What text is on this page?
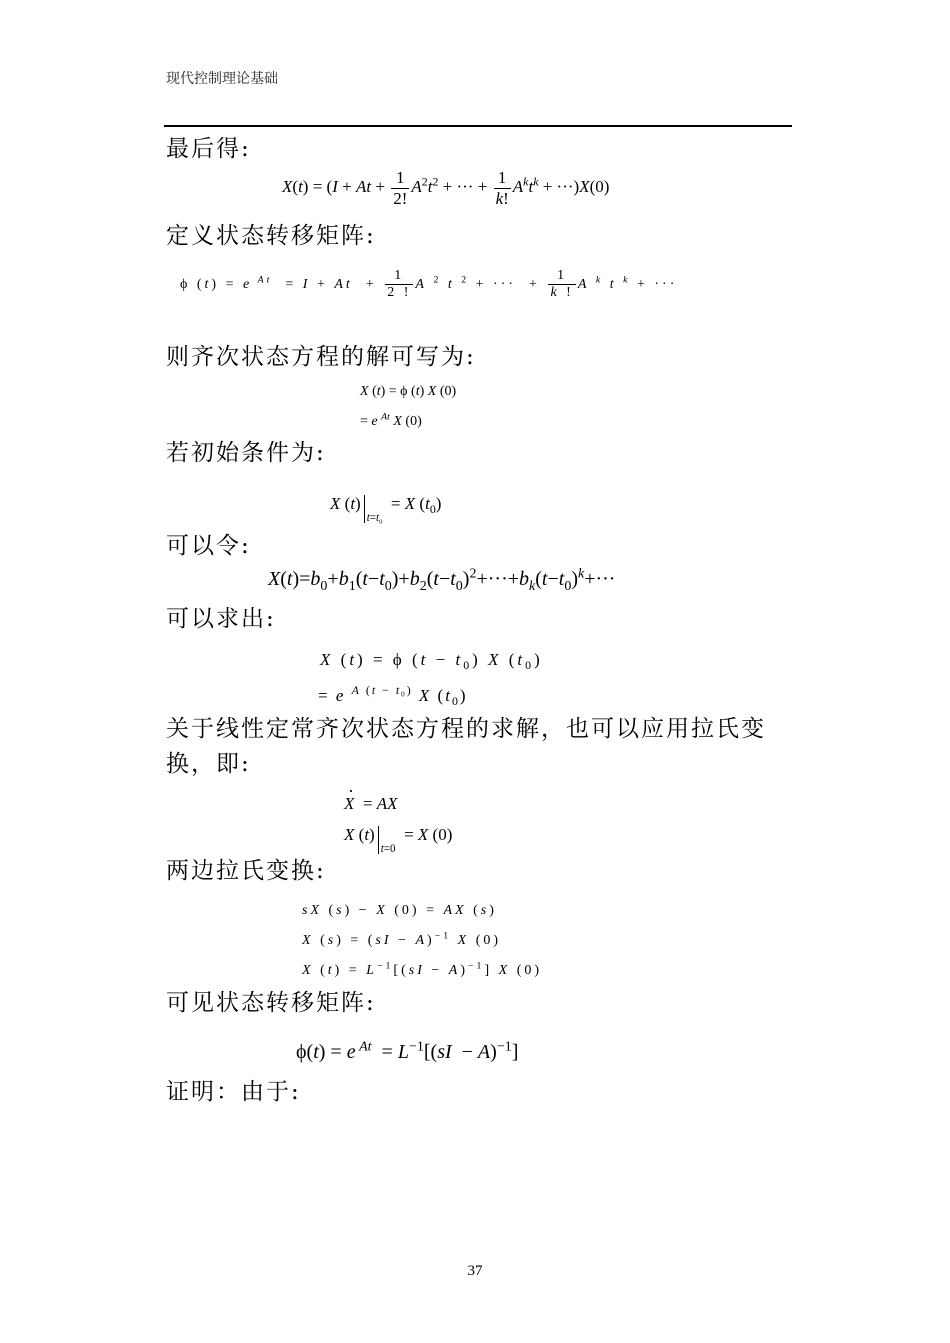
现代控制理论基础
最后得:
$X(t) = (I + At + \frac{1}{2!} A^2t^2$ + ··· + $\frac{1}{k!} A^kt^k + \cdot\cdot\cdot)X(0)$
定义状态转移矩阵:
ϕ (t) = e $^{At} = I + At + \frac{1}{2 !}$ A $^2$ t $^2$ + ···  + $\frac{1}{k !}$ A $^k$ t $^k$ + ···
则齐次状态方程的解可写为:
X (t) = ϕ (t) X (0)
= e $^{At}$ X (0)
若初始条件为:
X $(t)_{t=t_0} = X$ $(t_0)$
可以令:
$X(t)=b_0+b_1(t-t_0)+b_2(t-t_0)^2+\cdot\cdot\cdot+b_k(t-t_0)^k+\cdot\cdot\cdot$
可以求出:
X (t) = ϕ $(t - t_0)$ X $(t_0)$
= e $^{A (t - t_0)}$ X $(t_0)$
关于线性定常齐次状态方程的求解，也可以应用拉氏变
换，即:
· X  = AX
X $(t)_{t=0} = X$ (0)
两边拉氏变换:
sX (s) − X (0) = AX (s)
X (s) = (sI − A)$^{-1}$ X (0)
X $(t) = L^{-1}[(sI - A)^{-1}]$ X (0)
可见状态转移矩阵:
ϕ(t) = e $^{At} = L^{-1}[(sI - A)^{-1}]$
证明：由于:
37
